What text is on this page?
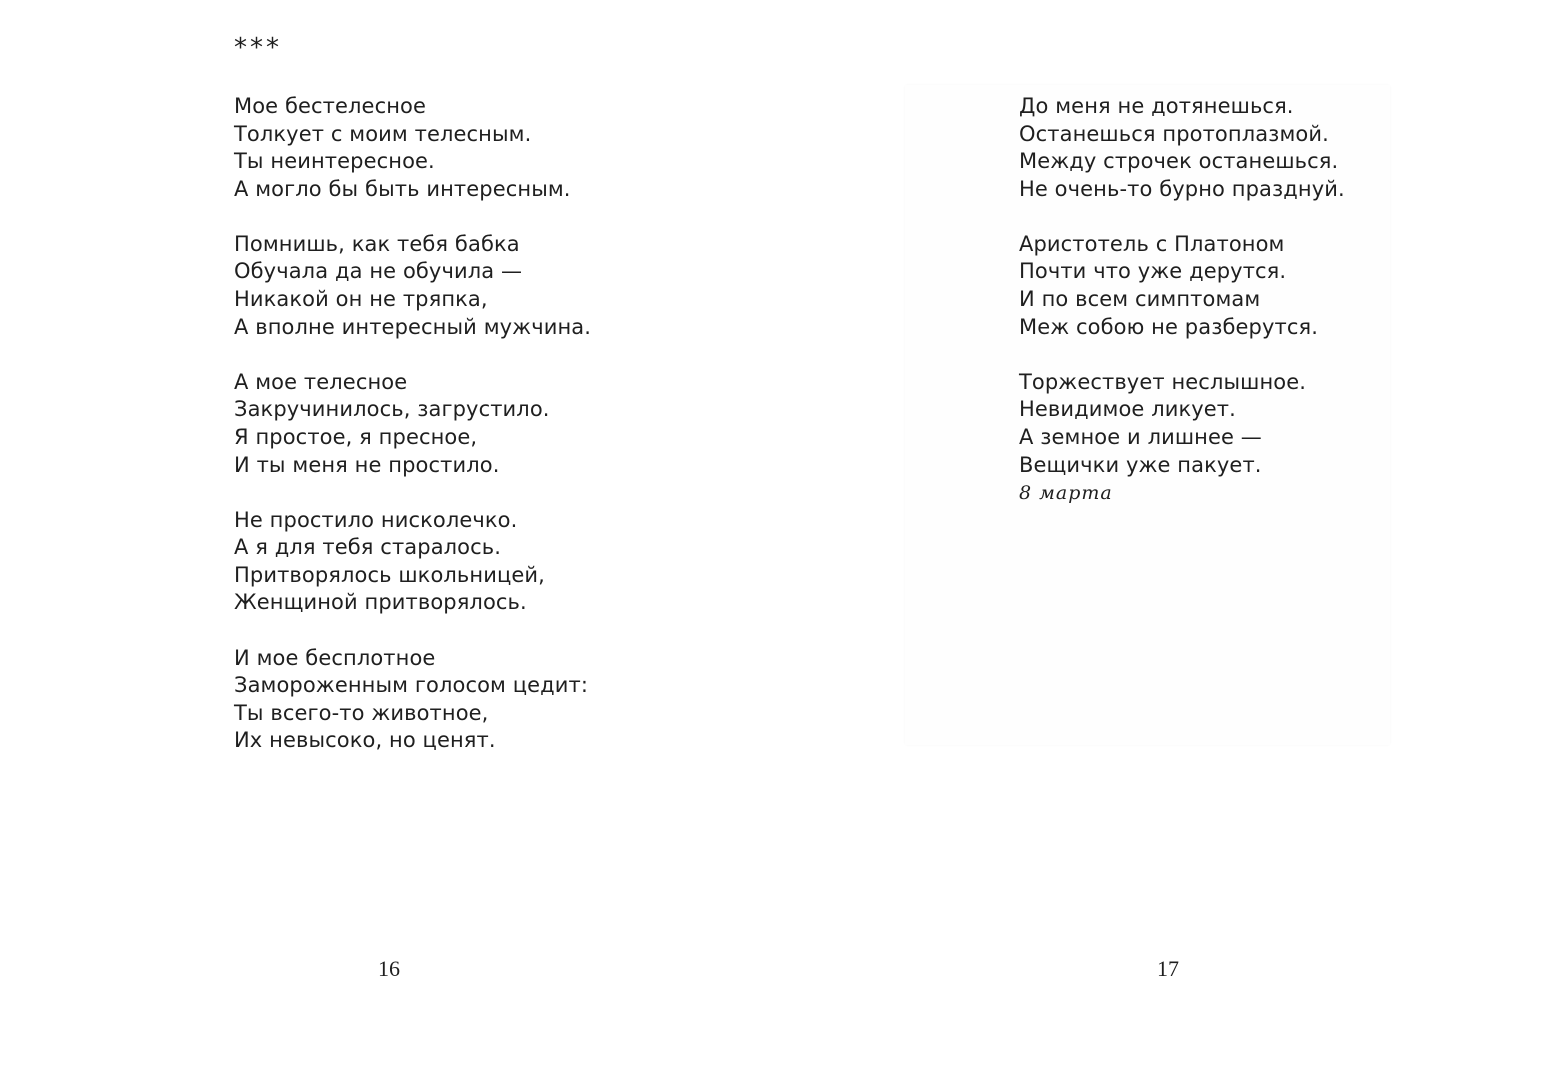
***
Мое бестелесное
Толкует с моим телесным.
Ты неинтересное.
А могло бы быть интересным.
Помнишь, как тебя бабка
Обучала да не обучила —
Никакой он не тряпка,
А вполне интересный мужчина.
А мое телесное
Закручинилось, загрустило.
Я простое, я пресное,
И ты меня не простило.
Не простило нисколечко.
А я для тебя старалось.
Притворялось школьницей,
Женщиной притворялось.
И мое бесплотное
Замороженным голосом цедит:
Ты всего-то животное,
Их невысоко, но ценят.
16	17
До меня не дотянешься.
Останешься протоплазмой.
Между строчек останешься.
Не очень-то бурно празднуй.
Аристотель с Платоном
Почти что уже дерутся.
И по всем симптомам
Меж собою не разберутся.
Торжествует неслышное.
Невидимое ликует.
А земное и лишнее —
Вещички уже пакует.
8 марта
